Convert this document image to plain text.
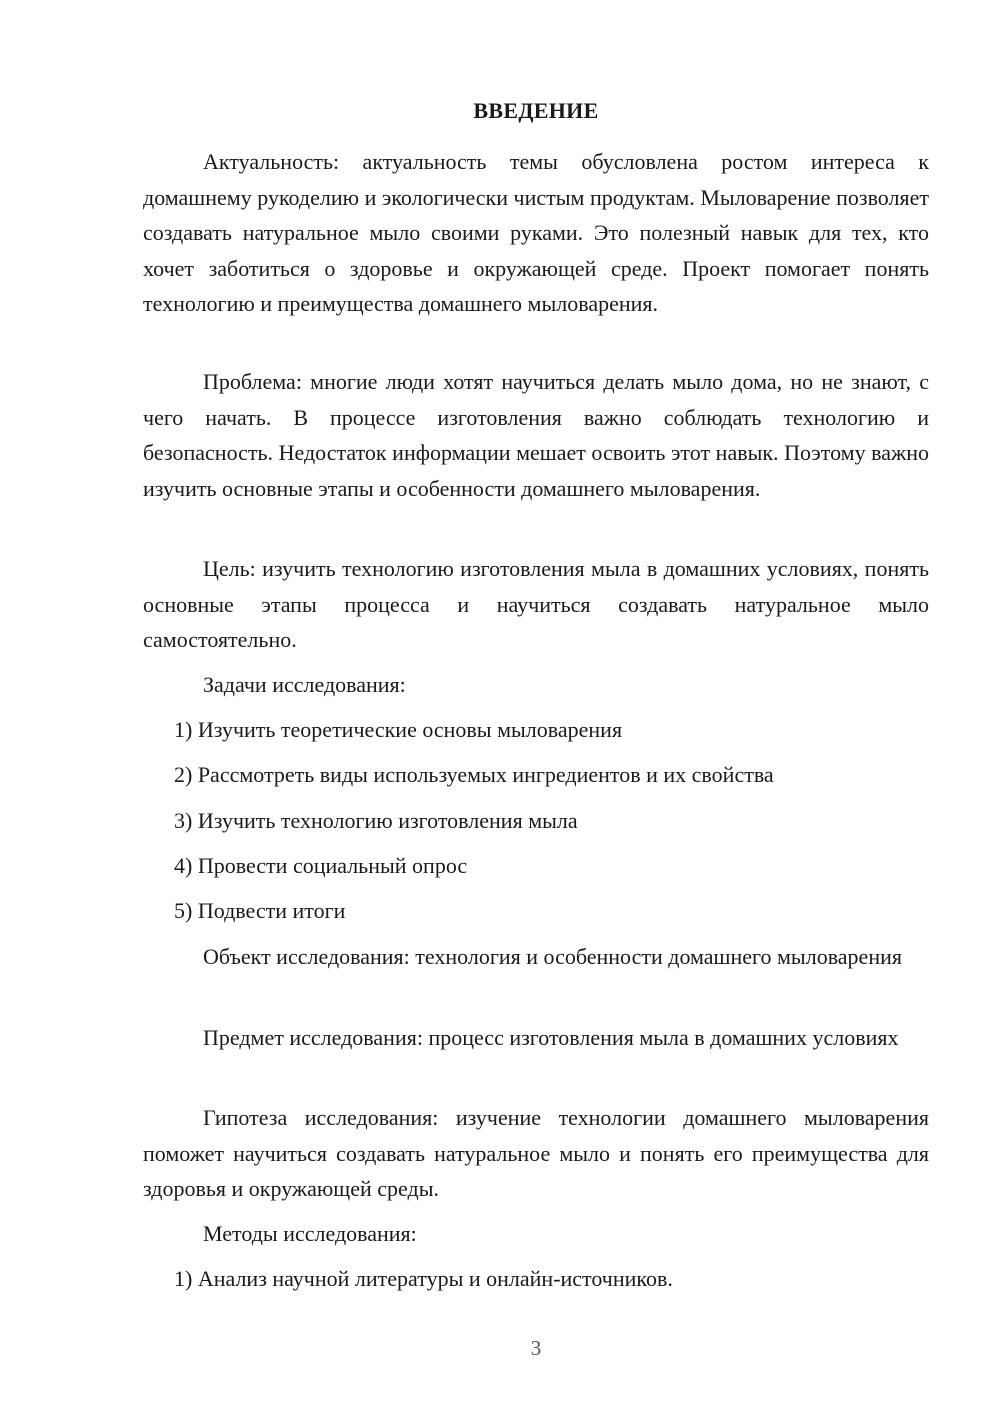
ВВЕДЕНИЕ

Актуальность: актуальность темы обусловлена ростом интереса к домашнему рукоделию и экологически чистым продуктам. Мыловарение позволяет создавать натуральное мыло своими руками. Это полезный навык для тех, кто хочет заботиться о здоровье и окружающей среде. Проект помогает понять технологию и преимущества домашнего мыловарения.

Проблема: многие люди хотят научиться делать мыло дома, но не знают, с чего начать. В процессе изготовления важно соблюдать технологию и безопасность. Недостаток информации мешает освоить этот навык. Поэтому важно изучить основные этапы и особенности домашнего мыловарения.

Цель: изучить технологию изготовления мыла в домашних условиях, понять основные этапы процесса и научиться создавать натуральное мыло самостоятельно.

Задачи исследования:

1) Изучить теоретические основы мыловарения
2) Рассмотреть виды используемых ингредиентов и их свойства
3) Изучить технологию изготовления мыла
4) Провести социальный опрос
5) Подвести итоги

Объект исследования: технология и особенности домашнего мыловарения

Предмет исследования: процесс изготовления мыла в домашних условиях

Гипотеза исследования: изучение технологии домашнего мыловарения поможет научиться создавать натуральное мыло и понять его преимущества для здоровья и окружающей среды.

Методы исследования:

1) Анализ научной литературы и онлайн-источников.
3
